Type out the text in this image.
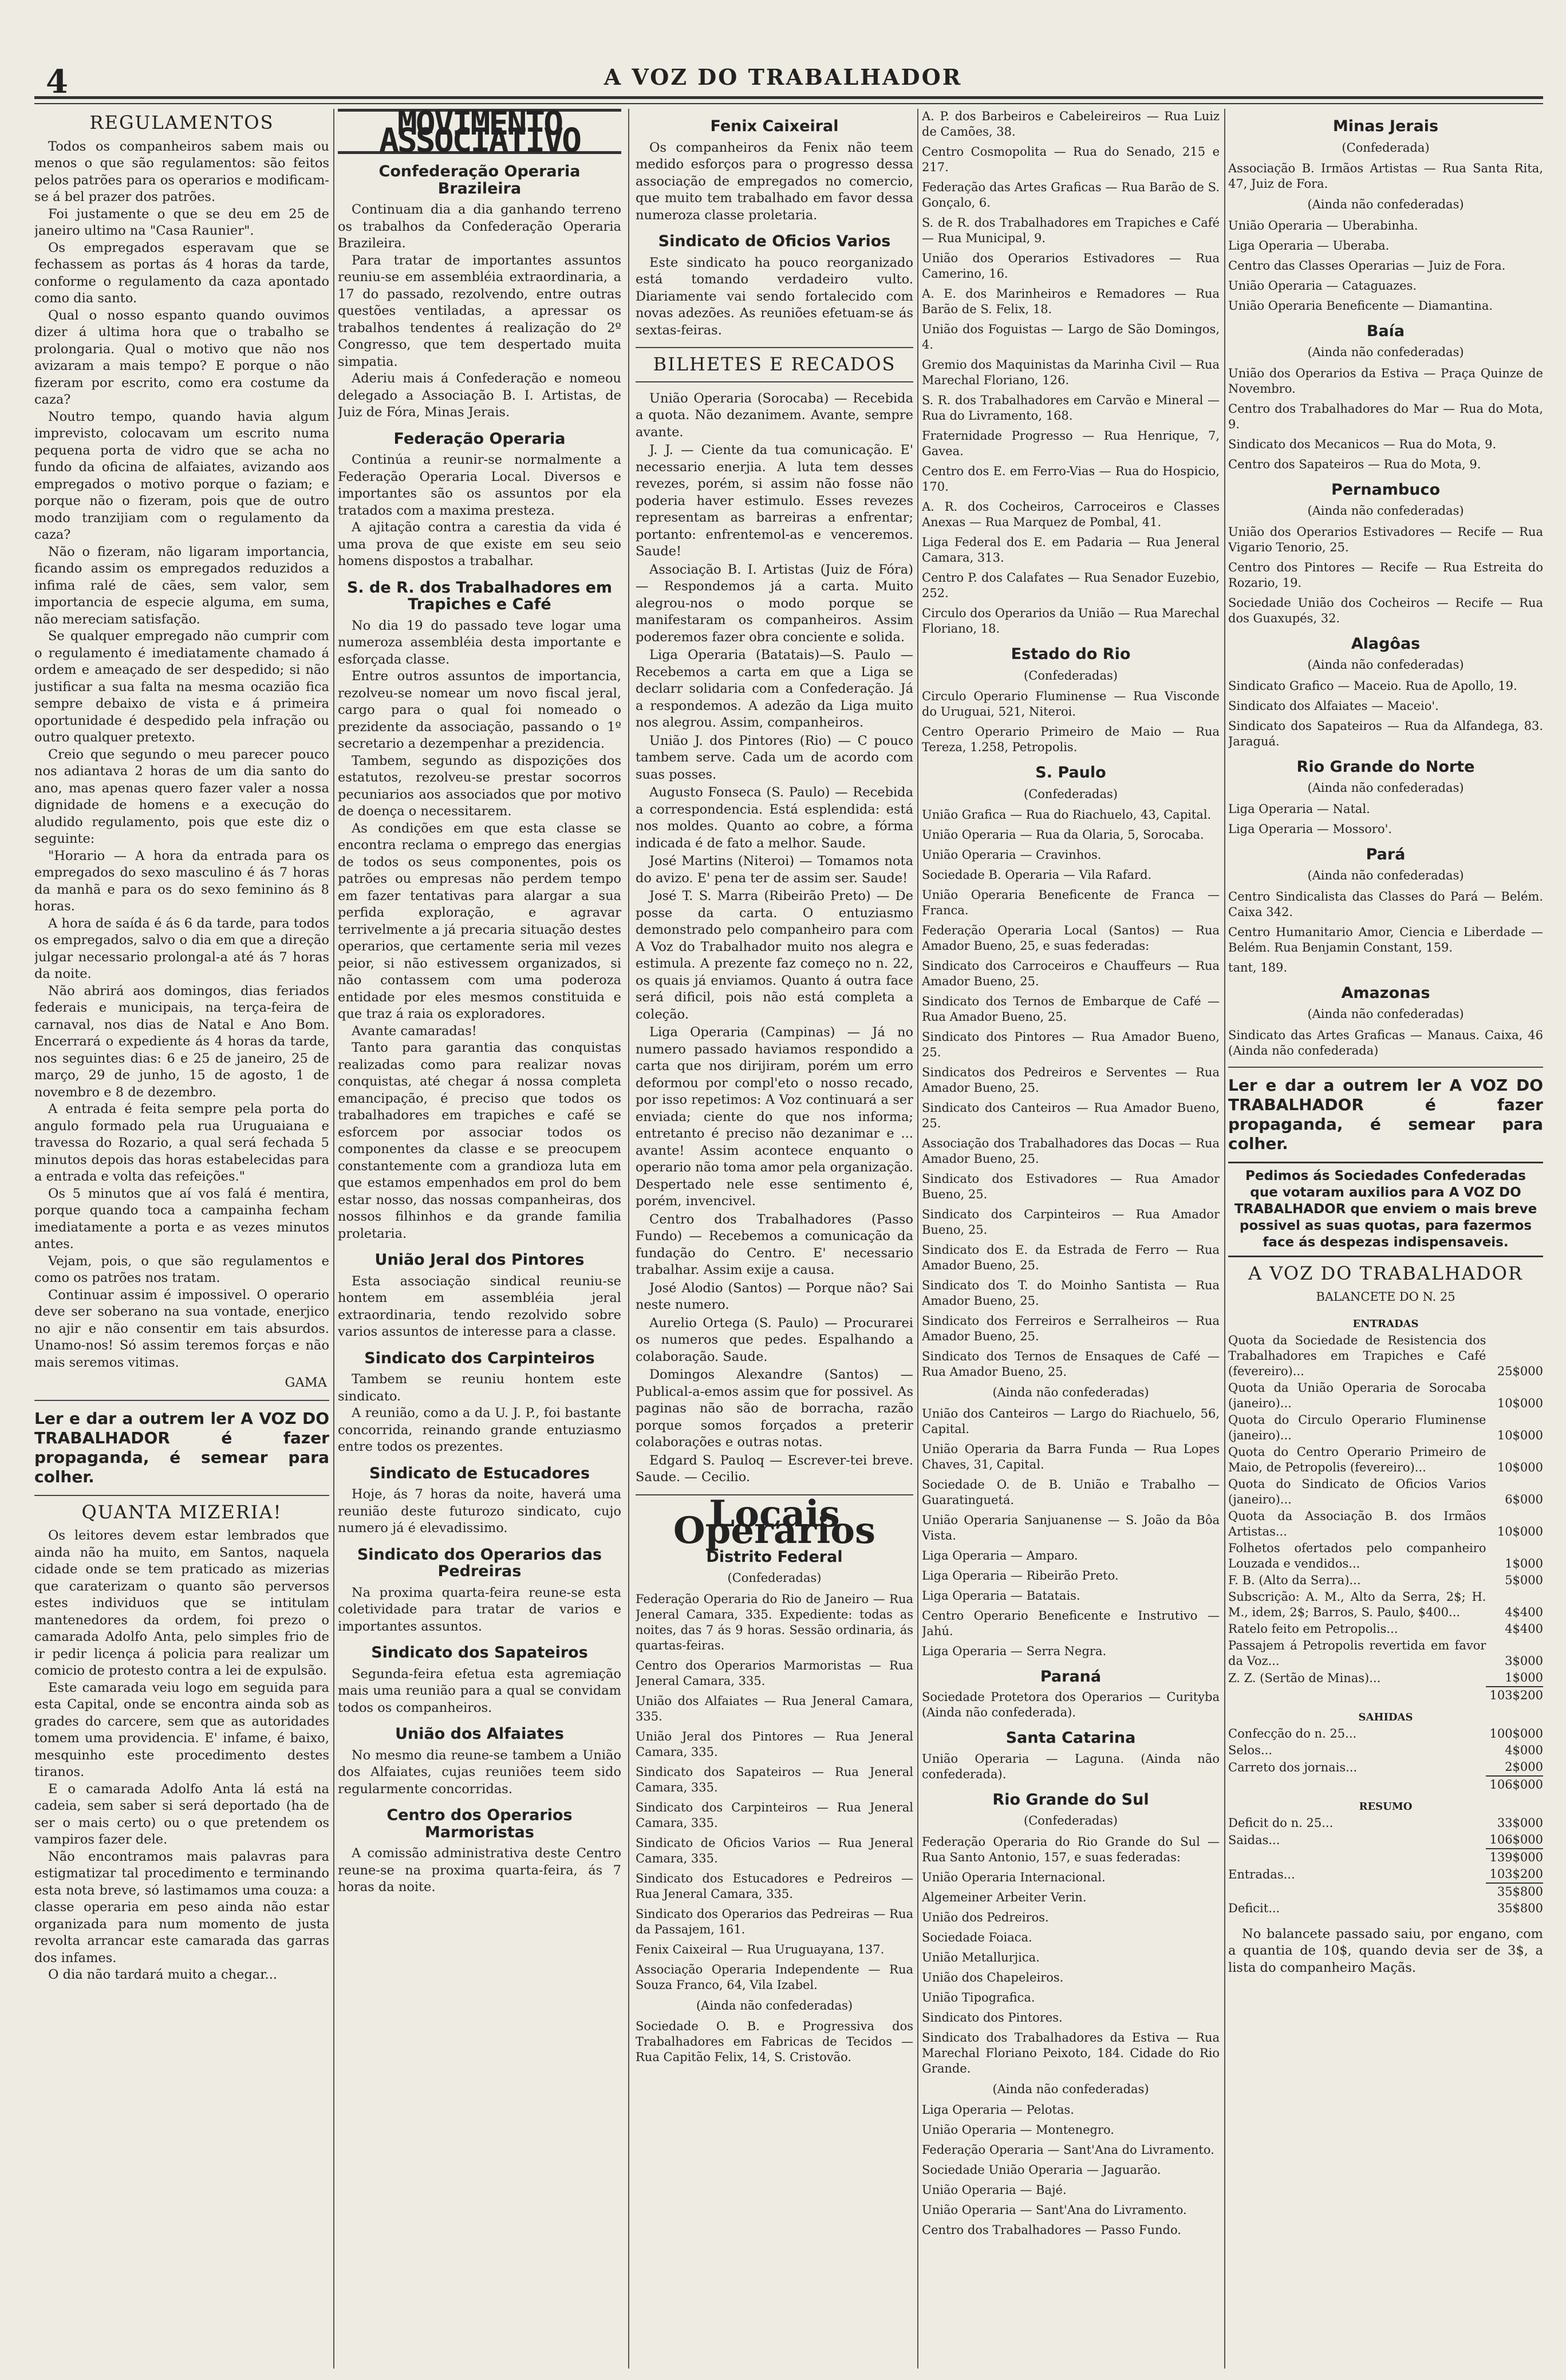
4	A VOZ DO TRABALHADOR
REGULAMENTOS

Todos os companheiros sabem mais ou menos o que são regulamentos: são feitos pelos patrões para os operarios e modificam-se á bel prazer dos patrões.

Foi justamente o que se deu em 25 de janeiro ultimo na "Casa Raunier".

Os empregados esperavam que se fechassem as portas ás 4 horas da tarde, conforme o regulamento da caza apontado como dia santo.

Qual o nosso espanto quando ouvimos dizer á ultima hora que o trabalho se prolongaria. Qual o motivo que não nos avizaram a mais tempo? E porque o não fizeram por escrito, como era costume da caza?

Noutro tempo, quando havia algum imprevisto, colocavam um escrito numa pequena porta de vidro que se acha no fundo da oficina de alfaiates, avizando aos empregados o motivo porque o faziam; e porque não o fizeram, pois que de outro modo tranzijiam com o regulamento da caza?

Não o fizeram, não ligaram importancia, ficando assim os empregados reduzidos a infima ralé de cães, sem valor, sem importancia de especie alguma, em suma, não mereciam satisfação.

Se qualquer empregado não cumprir com o regulamento é imediatamente chamado á ordem e ameaçado de ser despedido; si não justificar a sua falta na mesma ocazião fica sempre debaixo de vista e á primeira oportunidade é despedido pela infração ou outro qualquer pretexto.

Creio que segundo o meu parecer pouco nos adiantava 2 horas de um dia santo do ano, mas apenas quero fazer valer a nossa dignidade de homens e a execução do aludido regulamento, pois que este diz o seguinte:

"Horario — A hora da entrada para os empregados do sexo masculino é ás 7 horas da manhã e para os do sexo feminino ás 8 horas.

A hora de saída é ás 6 da tarde, para todos os empregados, salvo o dia em que a direção julgar necessario prolongal-a até ás 7 horas da noite.

Não abrirá aos domingos, dias feriados federais e municipais, na terça-feira de carnaval, nos dias de Natal e Ano Bom. Encerrará o expediente ás 4 horas da tarde, nos seguintes dias: 6 e 25 de janeiro, 25 de março, 29 de junho, 15 de agosto, 1 de novembro e 8 de dezembro.

A entrada é feita sempre pela porta do angulo formado pela rua Uruguaiana e travessa do Rozario, a qual será fechada 5 minutos depois das horas estabelecidas para a entrada e volta das refeições."

Os 5 minutos que aí vos falá é mentira, porque quando toca a campainha fecham imediatamente a porta e as vezes minutos antes.

Vejam, pois, o que são regulamentos e como os patrões nos tratam.

Continuar assim é impossivel. O operario deve ser soberano na sua vontade, enerjico no ajir e não consentir em tais absurdos. Unamo-nos! Só assim teremos forças e não mais seremos vitimas.

GAMA
Ler e dar a outrem ler A VOZ DO TRABALHADOR é fazer propaganda, é semear para colher.
QUANTA MIZERIA!

Os leitores devem estar lembrados que ainda não ha muito, em Santos, naquela cidade onde se tem praticado as mizerias que caraterizam o quanto são perversos estes individuos que se intitulam mantenedores da ordem, foi prezo o camarada Adolfo Anta, pelo simples frio de ir pedir licença á policia para realizar um comicio de protesto contra a lei de expulsão.

Este camarada veiu logo em seguida para esta Capital, onde se encontra ainda sob as grades do carcere, sem que as autoridades tomem uma providencia. E' infame, é baixo, mesquinho este procedimento destes tiranos.

E o camarada Adolfo Anta lá está na cadeia, sem saber si será deportado (ha de ser o mais certo) ou o que pretendem os vampiros fazer dele.

Não encontramos mais palavras para estigmatizar tal procedimento e terminando esta nota breve, só lastimamos uma couza: a classe operaria em peso ainda não estar organizada para num momento de justa revolta arrancar este camarada das garras dos infames.

O dia não tardará muito a chegar...

MOVIMENTO ASSOCIATIVO
Confederação Operaria Brazileira

Continuam dia a dia ganhando terreno os trabalhos da Confederação Operaria Brazileira.

Para tratar de importantes assuntos reuniu-se em assembléia extraordinaria, a 17 do passado, rezolvendo, entre outras questões ventiladas, a apressar os trabalhos tendentes á realização do 2º Congresso, que tem despertado muita simpatia.

Aderiu mais á Confederação e nomeou delegado a Associação B. I. Artistas, de Juiz de Fóra, Minas Jerais.

Federação Operaria

Continúa a reunir-se normalmente a Federação Operaria Local. Diversos e importantes são os assuntos por ela tratados com a maxima presteza.

A ajitação contra a carestia da vida é uma prova de que existe em seu seio homens dispostos a trabalhar.

S. de R. dos Trabalhadores em Trapiches e Café

No dia 19 do passado teve logar uma numeroza assembléia desta importante e esforçada classe.

Entre outros assuntos de importancia, rezolveu-se nomear um novo fiscal jeral, cargo para o qual foi nomeado o prezidente da associação, passando o 1º secretario a dezempenhar a prezidencia.

Tambem, segundo as dispozições dos estatutos, rezolveu-se prestar socorros pecuniarios aos associados que por motivo de doença o necessitarem.

As condições em que esta classe se encontra reclama o emprego das energias de todos os seus componentes, pois os patrões ou empresas não perdem tempo em fazer tentativas para alargar a sua perfida exploração, e agravar terrivelmente a já precaria situação destes operarios, que certamente seria mil vezes peior, si não estivessem organizados, si não contassem com uma poderoza entidade por eles mesmos constituida e que traz á raia os exploradores.

Avante camaradas!

Tanto para garantia das conquistas realizadas como para realizar novas conquistas, até chegar á nossa completa emancipação, é preciso que todos os trabalhadores em trapiches e café se esforcem por associar todos os componentes da classe e se preocupem constantemente com a grandioza luta em que estamos empenhados em prol do bem estar nosso, das nossas companheiras, dos nossos filhinhos e da grande familia proletaria.

União Jeral dos Pintores

Esta associação sindical reuniu-se hontem em assembléia jeral extraordinaria, tendo rezolvido sobre varios assuntos de interesse para a classe.

Sindicato dos Carpinteiros

Tambem se reuniu hontem este sindicato.

A reunião, como a da U. J. P., foi bastante concorrida, reinando grande entuziasmo entre todos os prezentes.

Sindicato de Estucadores

Hoje, ás 7 horas da noite, haverá uma reunião deste futurozo sindicato, cujo numero já é elevadissimo.

Sindicato dos Operarios das Pedreiras

Na proxima quarta-feira reune-se esta coletividade para tratar de varios e importantes assuntos.

Sindicato dos Sapateiros

Segunda-feira efetua esta agremiação mais uma reunião para a qual se convidam todos os companheiros.

União dos Alfaiates

No mesmo dia reune-se tambem a União dos Alfaiates, cujas reuniões teem sido regularmente concorridas.

Centro dos Operarios Marmoristas

A comissão administrativa deste Centro reune-se na proxima quarta-feira, ás 7 horas da noite.

Fenix Caixeiral

Os companheiros da Fenix não teem medido esforços para o progresso dessa associação de empregados no comercio, que muito tem trabalhado em favor dessa numeroza classe proletaria.

Sindicato de Oficios Varios

Este sindicato ha pouco reorganizado está tomando verdadeiro vulto. Diariamente vai sendo fortalecido com novas adezões. As reuniões efetuam-se ás sextas-feiras.

BILHETES E RECADOS

União Operaria (Sorocaba) — Recebida a quota. Não dezanimem. Avante, sempre avante.

J. J. — Ciente da tua comunicação. E' necessario enerjia. A luta tem desses revezes, porém, si assim não fosse não poderia haver estimulo. Esses revezes representam as barreiras a enfrentar; portanto: enfrentemol-as e venceremos. Saude!

Associação B. I. Artistas (Juiz de Fóra) — Respondemos já a carta. Muito alegrou-nos o modo porque se manifestaram os companheiros. Assim poderemos fazer obra conciente e solida.

Liga Operaria (Batatais)—S. Paulo — Recebemos a carta em que a Liga se declarr solidaria com a Confederação. Já a respondemos. A adezão da Liga muito nos alegrou. Assim, companheiros.

União J. dos Pintores (Rio) — C pouco tambem serve. Cada um de acordo com suas posses.

Augusto Fonseca (S. Paulo) — Recebida a correspondencia. Está esplendida: está nos moldes. Quanto ao cobre, a fórma indicada é de fato a melhor. Saude.

José Martins (Niteroi) — Tomamos nota do avizo. E' pena ter de assim ser. Saude!

José T. S. Marra (Ribeirão Preto) — De posse da carta. O entuziasmo demonstrado pelo companheiro para com A Voz do Trabalhador muito nos alegra e estimula. A prezente faz começo no n. 22, os quais já enviamos. Quanto á outra face será dificil, pois não está completa a coleção.

Liga Operaria (Campinas) — Já no numero passado haviamos respondido a carta que nos dirijiram, porém um erro deformou por compl'eto o nosso recado, por isso repetimos: A Voz continuará a ser enviada; ciente do que nos informa; entretanto é preciso não dezanimar e ... avante! Assim acontece enquanto o operario não toma amor pela organização. Despertado nele esse sentimento é, porém, invencivel.

Centro dos Trabalhadores (Passo Fundo) — Recebemos a comunicação da fundação do Centro. E' necessario trabalhar. Assim exije a causa.

José Alodio (Santos) — Porque não? Sai neste numero.

Aurelio Ortega (S. Paulo) — Procurarei os numeros que pedes. Espalhando a colaboração. Saude.

Domingos Alexandre (Santos) — Publical-a-emos assim que for possivel. As paginas não são de borracha, razão porque somos forçados a preterir colaborações e outras notas.

Edgard S. Pauloq — Escrever-tei breve. Saude. — Cecilio.

Locais Operarios
Distrito Federal
(Confederadas)
Federação Operaria do Rio de Janeiro — Rua Jeneral Camara, 335. Expediente: todas as noites, das 7 ás 9 horas. Sessão ordinaria, ás quartas-feiras.
Centro dos Operarios Marmoristas — Rua Jeneral Camara, 335.
União dos Alfaiates — Rua Jeneral Camara, 335.
União Jeral dos Pintores — Rua Jeneral Camara, 335.
Sindicato dos Sapateiros — Rua Jeneral Camara, 335.
Sindicato dos Carpinteiros — Rua Jeneral Camara, 335.
Sindicato de Oficios Varios — Rua Jeneral Camara, 335.
Sindicato dos Estucadores e Pedreiros — Rua Jeneral Camara, 335.
Sindicato dos Operarios das Pedreiras — Rua da Passajem, 161.
Fenix Caixeiral — Rua Uruguayana, 137.
Associação Operaria Independente — Rua Souza Franco, 64, Vila Izabel.
(Ainda não confederadas)
Sociedade O. B. e Progressiva dos Trabalhadores em Fabricas de Tecidos — Rua Capitão Felix, 14, S. Cristovão.
A. P. dos Barbeiros e Cabeleireiros — Rua Luiz de Camões, 38.
Centro Cosmopolita — Rua do Senado, 215 e 217.
Federação das Artes Graficas — Rua Barão de S. Gonçalo, 6.
S. de R. dos Trabalhadores em Trapiches e Café — Rua Municipal, 9.
União dos Operarios Estivadores — Rua Camerino, 16.
A. E. dos Marinheiros e Remadores — Rua Barão de S. Felix, 18.
União dos Foguistas — Largo de São Domingos, 4.
Gremio dos Maquinistas da Marinha Civil — Rua Marechal Floriano, 126.
S. R. dos Trabalhadores em Carvão e Mineral — Rua do Livramento, 168.
Fraternidade Progresso — Rua Henrique, 7, Gavea.
Centro dos E. em Ferro-Vias — Rua do Hospicio, 170.
A. R. dos Cocheiros, Carroceiros e Classes Anexas — Rua Marquez de Pombal, 41.
Liga Federal dos E. em Padaria — Rua Jeneral Camara, 313.
Centro P. dos Calafates — Rua Senador Euzebio, 252.
Circulo dos Operarios da União — Rua Marechal Floriano, 18.
Estado do Rio
(Confederadas)
Circulo Operario Fluminense — Rua Visconde do Uruguai, 521, Niteroi.
Centro Operario Primeiro de Maio — Rua Tereza, 1.258, Petropolis.
S. Paulo
(Confederadas)
União Grafica — Rua do Riachuelo, 43, Capital.
União Operaria — Rua da Olaria, 5, Sorocaba.
União Operaria — Cravinhos.
Sociedade B. Operaria — Vila Rafard.
União Operaria Beneficente de Franca — Franca.
Federação Operaria Local (Santos) — Rua Amador Bueno, 25, e suas federadas:
Sindicato dos Carroceiros e Chauffeurs — Rua Amador Bueno, 25.
Sindicato dos Ternos de Embarque de Café — Rua Amador Bueno, 25.
Sindicato dos Pintores — Rua Amador Bueno, 25.
Sindicatos dos Pedreiros e Serventes — Rua Amador Bueno, 25.
Sindicato dos Canteiros — Rua Amador Bueno, 25.
Associação dos Trabalhadores das Docas — Rua Amador Bueno, 25.
Sindicato dos Estivadores — Rua Amador Bueno, 25.
Sindicato dos Carpinteiros — Rua Amador Bueno, 25.
Sindicato dos E. da Estrada de Ferro — Rua Amador Bueno, 25.
Sindicato dos T. do Moinho Santista — Rua Amador Bueno, 25.
Sindicato dos Ferreiros e Serralheiros — Rua Amador Bueno, 25.
Sindicato dos Ternos de Ensaques de Café — Rua Amador Bueno, 25.
(Ainda não confederadas)
União dos Canteiros — Largo do Riachuelo, 56, Capital.
União Operaria da Barra Funda — Rua Lopes Chaves, 31, Capital.
Sociedade O. de B. União e Trabalho — Guaratinguetá.
União Operaria Sanjuanense — S. João da Bôa Vista.
Liga Operaria — Amparo.
Liga Operaria — Ribeirão Preto.
Liga Operaria — Batatais.
Centro Operario Beneficente e Instrutivo — Jahú.
Liga Operaria — Serra Negra.
Paraná
Sociedade Protetora dos Operarios — Curityba (Ainda não confederada).
Santa Catarina
União Operaria — Laguna. (Ainda não confederada).
Rio Grande do Sul
(Confederadas)
Federação Operaria do Rio Grande do Sul — Rua Santo Antonio, 157, e suas federadas:
União Operaria Internacional.
Algemeiner Arbeiter Verin.
União dos Pedreiros.
Sociedade Foiaca.
União Metallurjica.
União dos Chapeleiros.
União Tipografica.
Sindicato dos Pintores.
Sindicato dos Trabalhadores da Estiva — Rua Marechal Floriano Peixoto, 184. Cidade do Rio Grande.
(Ainda não confederadas)
Liga Operaria — Pelotas.
União Operaria — Montenegro.
Federação Operaria — Sant'Ana do Livramento.
Sociedade União Operaria — Jaguarão.
União Operaria — Bajé.
União Operaria — Sant'Ana do Livramento.
Centro dos Trabalhadores — Passo Fundo.
Minas Jerais
(Confederada)
Associação B. Irmãos Artistas — Rua Santa Rita, 47, Juiz de Fora.
(Ainda não confederadas)
União Operaria — Uberabinha.
Liga Operaria — Uberaba.
Centro das Classes Operarias — Juiz de Fora.
União Operaria — Cataguazes.
União Operaria Beneficente — Diamantina.
Baía
(Ainda não confederadas)
União dos Operarios da Estiva — Praça Quinze de Novembro.
Centro dos Trabalhadores do Mar — Rua do Mota, 9.
Sindicato dos Mecanicos — Rua do Mota, 9.
Centro dos Sapateiros — Rua do Mota, 9.
Pernambuco
(Ainda não confederadas)
União dos Operarios Estivadores — Recife — Rua Vigario Tenorio, 25.
Centro dos Pintores — Recife — Rua Estreita do Rozario, 19.
Sociedade União dos Cocheiros — Recife — Rua dos Guaxupés, 32.
Alagôas
(Ainda não confederadas)
Sindicato Grafico — Maceio. Rua de Apollo, 19.
Sindicato dos Alfaiates — Maceio'.
Sindicato dos Sapateiros — Rua da Alfandega, 83. Jaraguá.
Rio Grande do Norte
(Ainda não confederadas)
Liga Operaria — Natal.
Liga Operaria — Mossoro'.
Pará
(Ainda não confederadas)
Centro Sindicalista das Classes do Pará — Belém. Caixa 342.
Centro Humanitario Amor, Ciencia e Liberdade — Belém. Rua Benjamin Constant, 159.
tant, 189.
Amazonas
(Ainda não confederadas)
Sindicato das Artes Graficas — Manaus. Caixa, 46 (Ainda não confederada)
Ler e dar a outrem ler A VOZ DO TRABALHADOR é fazer propaganda, é semear para colher.
Pedimos ás Sociedades Confederadas que votaram auxilios para A VOZ DO TRABALHADOR que enviem o mais breve possivel as suas quotas, para fazermos face ás despezas indispensaveis.
A VOZ DO TRABALHADOR
BALANCETE DO N. 25
ENTRADAS	
Quota da Sociedade de Resistencia dos Trabalhadores em Trapiches e Café (fevereiro)...	25$000
Quota da União Operaria de Sorocaba (janeiro)...	10$000
Quota do Circulo Operario Fluminense (janeiro)...	10$000
Quota do Centro Operario Primeiro de Maio, de Petropolis (fevereiro)...	10$000
Quota do Sindicato de Oficios Varios (janeiro)...	6$000
Quota da Associação B. dos Irmãos Artistas...	10$000
Folhetos ofertados pelo companheiro Louzada e vendidos...	1$000
F. B. (Alto da Serra)...	5$000
Subscrição: A. M., Alto da Serra, 2$; H. M., idem, 2$; Barros, S. Paulo, $400...	4$400
Ratelo feito em Petropolis...	4$400
Passajem á Petropolis revertida em favor da Voz...	3$000
Z. Z. (Sertão de Minas)...	1$000
	103$200
SAHIDAS	
Confecção do n. 25...	100$000
Selos...	4$000
Carreto dos jornais...	2$000
	106$000
RESUMO	
Deficit do n. 25...	33$000
Saidas...	106$000
	139$000
Entradas...	103$200
	35$800
Deficit...	35$800

No balancete passado saiu, por engano, com a quantia de 10$, quando devia ser de 3$, a lista do companheiro Maçãs.
